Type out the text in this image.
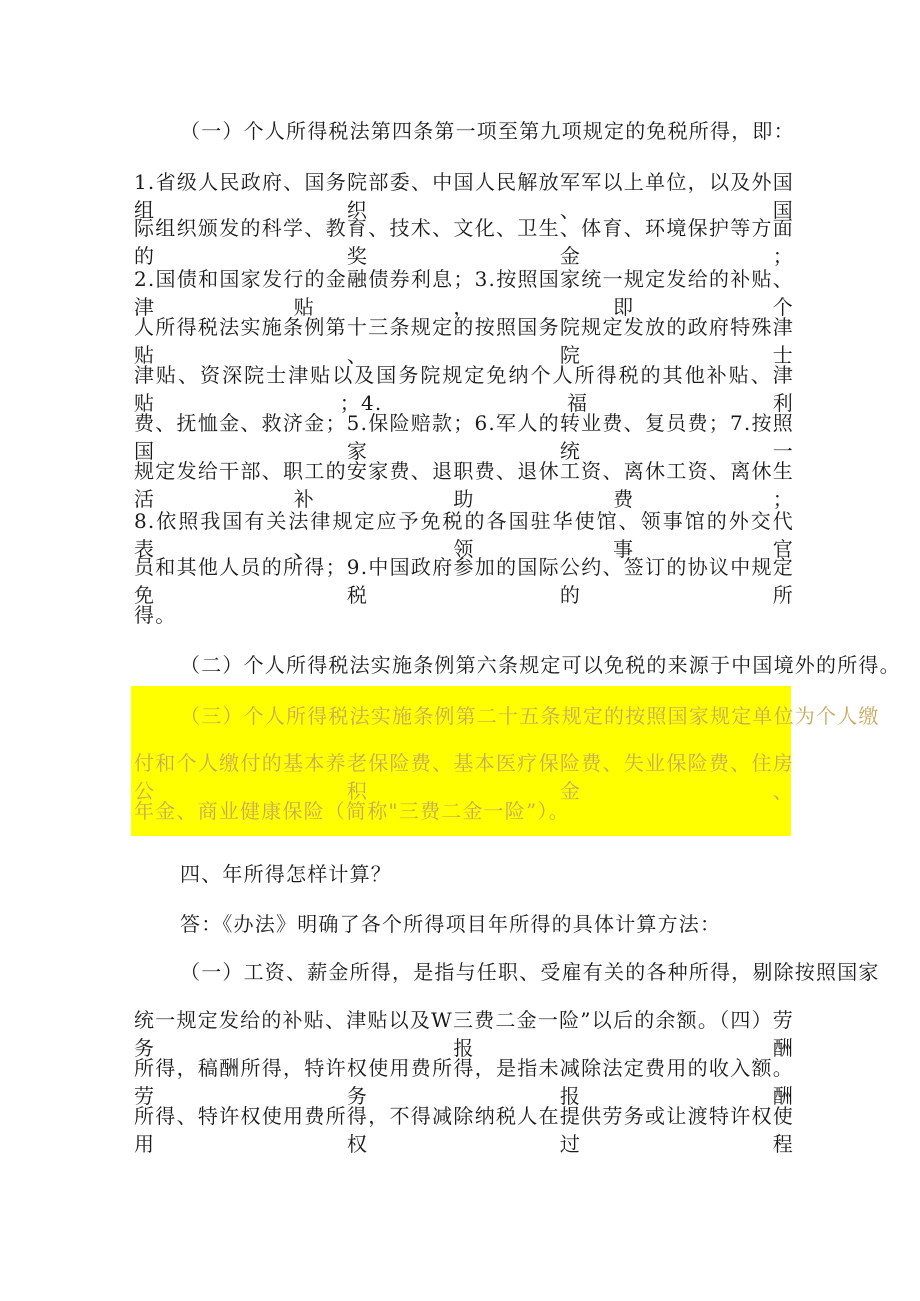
（一）个人所得税法第四条第一项至第九项规定的免税所得，即：
1.省级人民政府、国务院部委、中国人民解放军军以上单位，以及外国组织、国
际组织颁发的科学、教育、技术、文化、卫生、体育、环境保护等方面的奖金；
2.国债和国家发行的金融债券利息；3.按照国家统一规定发给的补贴、津贴，即个
人所得税法实施条例第十三条规定的按照国务院规定发放的政府特殊津贴、院士
津贴、资深院士津贴以及国务院规定免纳个人所得税的其他补贴、津贴；4.福利
费、抚恤金、救济金；5.保险赔款；6.军人的转业费、复员费；7.按照国家统一
规定发给干部、职工的安家费、退职费、退休工资、离休工资、离休生活补助费；
8.依照我国有关法律规定应予免税的各国驻华使馆、领事馆的外交代表、领事官
员和其他人员的所得；9.中国政府参加的国际公约、签订的协议中规定免税的所
得。
（二）个人所得税法实施条例第六条规定可以免税的来源于中国境外的所得。
（三）个人所得税法实施条例第二十五条规定的按照国家规定单位为个人缴
付和个人缴付的基本养老保险费、基本医疗保险费、失业保险费、住房公积金、
年金、商业健康保险（简称"三费二金一险”）。
四、年所得怎样计算？
答：《办法》明确了各个所得项目年所得的具体计算方法：
（一）工资、薪金所得，是指与任职、受雇有关的各种所得，剔除按照国家
统一规定发给的补贴、津贴以及W三费二金一险”以后的余额。（四）劳务报酬
所得，稿酬所得，特许权使用费所得，是指未减除法定费用的收入额。劳务报酬
所得、特许权使用费所得，不得减除纳税人在提供劳务或让渡特许权使用权过程
